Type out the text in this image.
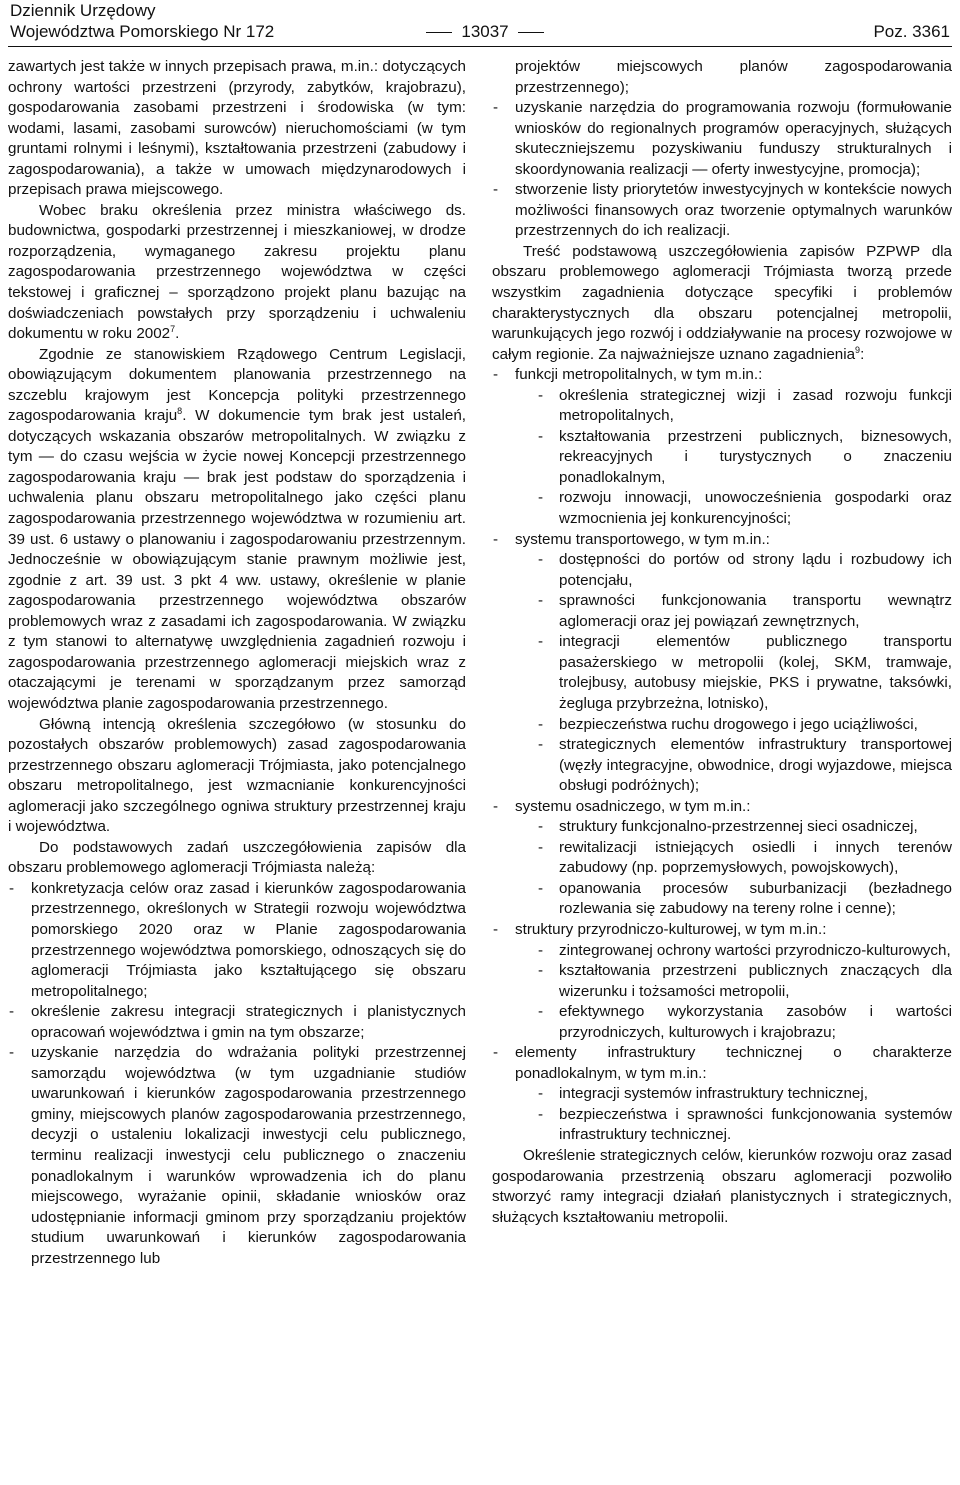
Dziennik Urzędowy
Województwa Pomorskiego Nr 172	13037	Poz. 3361

zawartych jest także w innych przepisach prawa, m.in.: dotyczących ochrony wartości przestrzeni (przyrody, zabytków, krajobrazu), gospodarowania zasobami przestrzeni i środowiska (w tym: wodami, lasami, zasobami surowców) nieruchomościami (w tym gruntami rolnymi i leśnymi), kształtowania przestrzeni (zabudowy i zagospodarowania), a także w umowach międzynarodowych i przepisach prawa miejscowego.

Wobec braku określenia przez ministra właściwego ds. budownictwa, gospodarki przestrzennej i mieszkaniowej, w drodze rozporządzenia, wymaganego zakresu projektu planu zagospodarowania przestrzennego województwa w części tekstowej i graficznej – sporządzono projekt planu bazując na doświadczeniach powstałych przy sporządzeniu i uchwaleniu dokumentu w roku 2002$^7$.

Zgodnie ze stanowiskiem Rządowego Centrum Legislacji, obowiązującym dokumentem planowania przestrzennego na szczeblu krajowym jest Koncepcja polityki przestrzennego zagospodarowania kraju$^8$. W dokumencie tym brak jest ustaleń, dotyczących wskazania obszarów metropolitalnych. W związku z tym — do czasu wejścia w życie nowej Koncepcji przestrzennego zagospodarowania kraju — brak jest podstaw do sporządzenia i uchwalenia planu obszaru metropolitalnego jako części planu zagospodarowania przestrzennego województwa w rozumieniu art. 39 ust. 6 ustawy o planowaniu i zagospodarowaniu przestrzennym. Jednocześnie w obowiązującym stanie prawnym możliwie jest, zgodnie z art. 39 ust. 3 pkt 4 ww. ustawy, określenie w planie zagospodarowania przestrzennego województwa obszarów problemowych wraz z zasadami ich zagospodarowania. W związku z tym stanowi to alternatywę uwzględnienia zagadnień rozwoju i zagospodarowania przestrzennego aglomeracji miejskich wraz z otaczającymi je terenami w sporządzanym przez samorząd województwa planie zagospodarowania przestrzennego.

Główną intencją określenia szczegółowo (w stosunku do pozostałych obszarów problemowych) zasad zagospodarowania przestrzennego obszaru aglomeracji Trójmiasta, jako potencjalnego obszaru metropolitalnego, jest wzmacnianie konkurencyjności aglomeracji jako szczególnego ogniwa struktury przestrzennej kraju i województwa.

Do podstawowych zadań uszczegółowienia zapisów dla obszaru problemowego aglomeracji Trójmiasta należą:

- konkretyzacja celów oraz zasad i kierunków zagospodarowania przestrzennego, określonych w Strategii rozwoju województwa pomorskiego 2020 oraz w Planie zagospodarowania przestrzennego województwa pomorskiego, odnoszących się do aglomeracji Trójmiasta jako kształtującego się obszaru metropolitalnego;
- określenie zakresu integracji strategicznych i planistycznych opracowań województwa i gmin na tym obszarze;
- uzyskanie narzędzia do wdrażania polityki przestrzennej samorządu województwa (w tym uzgadnianie studiów uwarunkowań i kierunków zagospodarowania przestrzennego gminy, miejscowych planów zagospodarowania przestrzennego, decyzji o ustaleniu lokalizacji inwestycji celu publicznego, terminu realizacji inwestycji celu publicznego o znaczeniu ponadlokalnym i warunków wprowadzenia ich do planu miejscowego, wyrażanie opinii, składanie wniosków oraz udostępnianie informacji gminom przy sporządzaniu projektów studium uwarunkowań i kierunków zagospodarowania przestrzennego lub

projektów miejscowych planów zagospodarowania przestrzennego);

- uzyskanie narzędzia do programowania rozwoju (formułowanie wniosków do regionalnych programów operacyjnych, służących skuteczniejszemu pozyskiwaniu funduszy strukturalnych i skoordynowania realizacji — oferty inwestycyjne, promocja);
- stworzenie listy priorytetów inwestycyjnych w kontekście nowych możliwości finansowych oraz tworzenie optymalnych warunków przestrzennych do ich realizacji.

Treść podstawową uszczegółowienia zapisów PZPWP dla obszaru problemowego aglomeracji Trójmiasta tworzą przede wszystkim zagadnienia dotyczące specyfiki i problemów charakterystycznych dla obszaru potencjalnej metropolii, warunkujących jego rozwój i oddziaływanie na procesy rozwojowe w całym regionie. Za najważniejsze uznano zagadnienia$^9$:

- funkcji metropolitalnych, w tym m.in.:
- określenia strategicznej wizji i zasad rozwoju funkcji metropolitalnych,
- kształtowania przestrzeni publicznych, biznesowych, rekreacyjnych i turystycznych o znaczeniu ponadlokalnym,
- rozwoju innowacji, unowocześnienia gospodarki oraz wzmocnienia jej konkurencyjności;
- systemu transportowego, w tym m.in.:
- dostępności do portów od strony lądu i rozbudowy ich potencjału,
- sprawności funkcjonowania transportu wewnątrz aglomeracji oraz jej powiązań zewnętrznych,
- integracji elementów publicznego transportu pasażerskiego w metropolii (kolej, SKM, tramwaje, trolejbusy, autobusy miejskie, PKS i prywatne, taksówki, żegluga przybrzeżna, lotnisko),
- bezpieczeństwa ruchu drogowego i jego uciążliwości,
- strategicznych elementów infrastruktury transportowej (węzły integracyjne, obwodnice, drogi wyjazdowe, miejsca obsługi podróżnych);
- systemu osadniczego, w tym m.in.:
- struktury funkcjonalno-przestrzennej sieci osadniczej,
- rewitalizacji istniejących osiedli i innych terenów zabudowy (np. poprzemysłowych, powojskowych),
- opanowania procesów suburbanizacji (bezładnego rozlewania się zabudowy na tereny rolne i cenne);
- struktury przyrodniczo-kulturowej, w tym m.in.:
- zintegrowanej ochrony wartości przyrodniczo-kulturowych,
- kształtowania przestrzeni publicznych znaczących dla wizerunku i tożsamości metropolii,
- efektywnego wykorzystania zasobów i wartości przyrodniczych, kulturowych i krajobrazu;
- elementy infrastruktury technicznej o charakterze ponadlokalnym, w tym m.in.:
- integracji systemów infrastruktury technicznej,
- bezpieczeństwa i sprawności funkcjonowania systemów infrastruktury technicznej.

Określenie strategicznych celów, kierunków rozwoju oraz zasad gospodarowania przestrzenią obszaru aglomeracji pozwoliło stworzyć ramy integracji działań planistycznych i strategicznych, służących kształtowaniu metropolii.
